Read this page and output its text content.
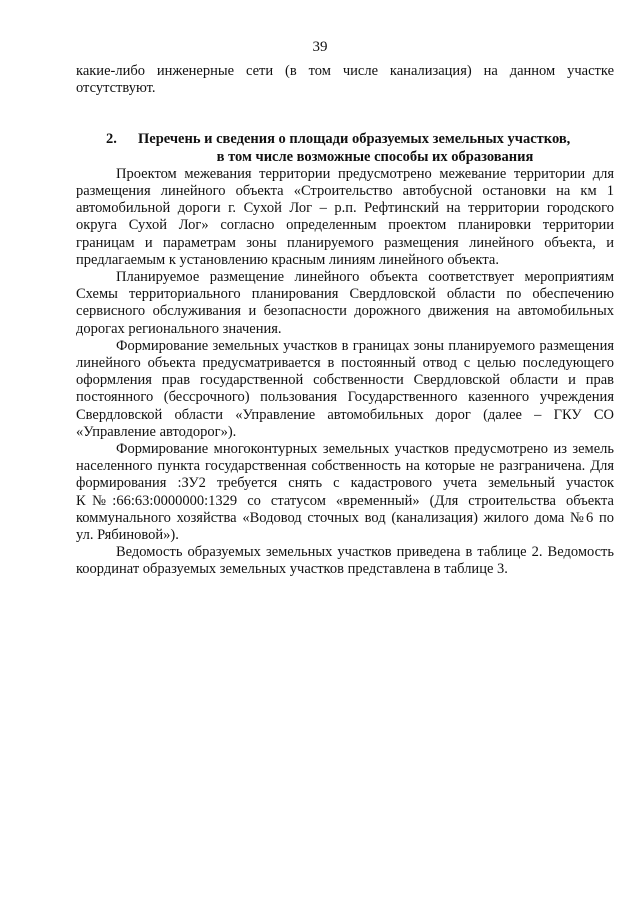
39

какие-либо инженерные сети (в том числе канализация) на данном участке отсутствуют.

2.	Перечень и сведения о площади образуемых земельных участков,
в том числе возможные способы их образования

Проектом межевания территории предусмотрено межевание территории для размещения линейного объекта «Строительство автобусной остановки на км 1 автомобильной дороги г. Сухой Лог – р.п. Рефтинский на территории городского округа Сухой Лог» согласно определенным проектом планировки территории границам и параметрам зоны планируемого размещения линейного объекта, и предлагаемым к установлению красным линиям линейного объекта.

Планируемое размещение линейного объекта соответствует мероприятиям Схемы территориального планирования Свердловской области по обеспечению сервисного обслуживания и безопасности дорожного движения на автомобильных дорогах регионального значения.

Формирование земельных участков в границах зоны планируемого размещения линейного объекта предусматривается в постоянный отвод с целью последующего оформления прав государственной собственности Свердловской области и прав постоянного (бессрочного) пользования Государственного казенного учреждения Свердловской области «Управление автомобильных дорог (далее – ГКУ СО «Управление автодорог»).

Формирование многоконтурных земельных участков предусмотрено из земель населенного пункта государственная собственность на которые не разграничена. Для формирования :ЗУ2 требуется снять с кадастрового учета земельный участок К№:66:63:0000000:1329 со статусом «временный» (Для строительства объекта коммунального хозяйства «Водовод сточных вод (канализация) жилого дома №6 по ул. Рябиновой»).

Ведомость образуемых земельных участков приведена в таблице 2. Ведомость координат образуемых земельных участков представлена в таблице 3.
